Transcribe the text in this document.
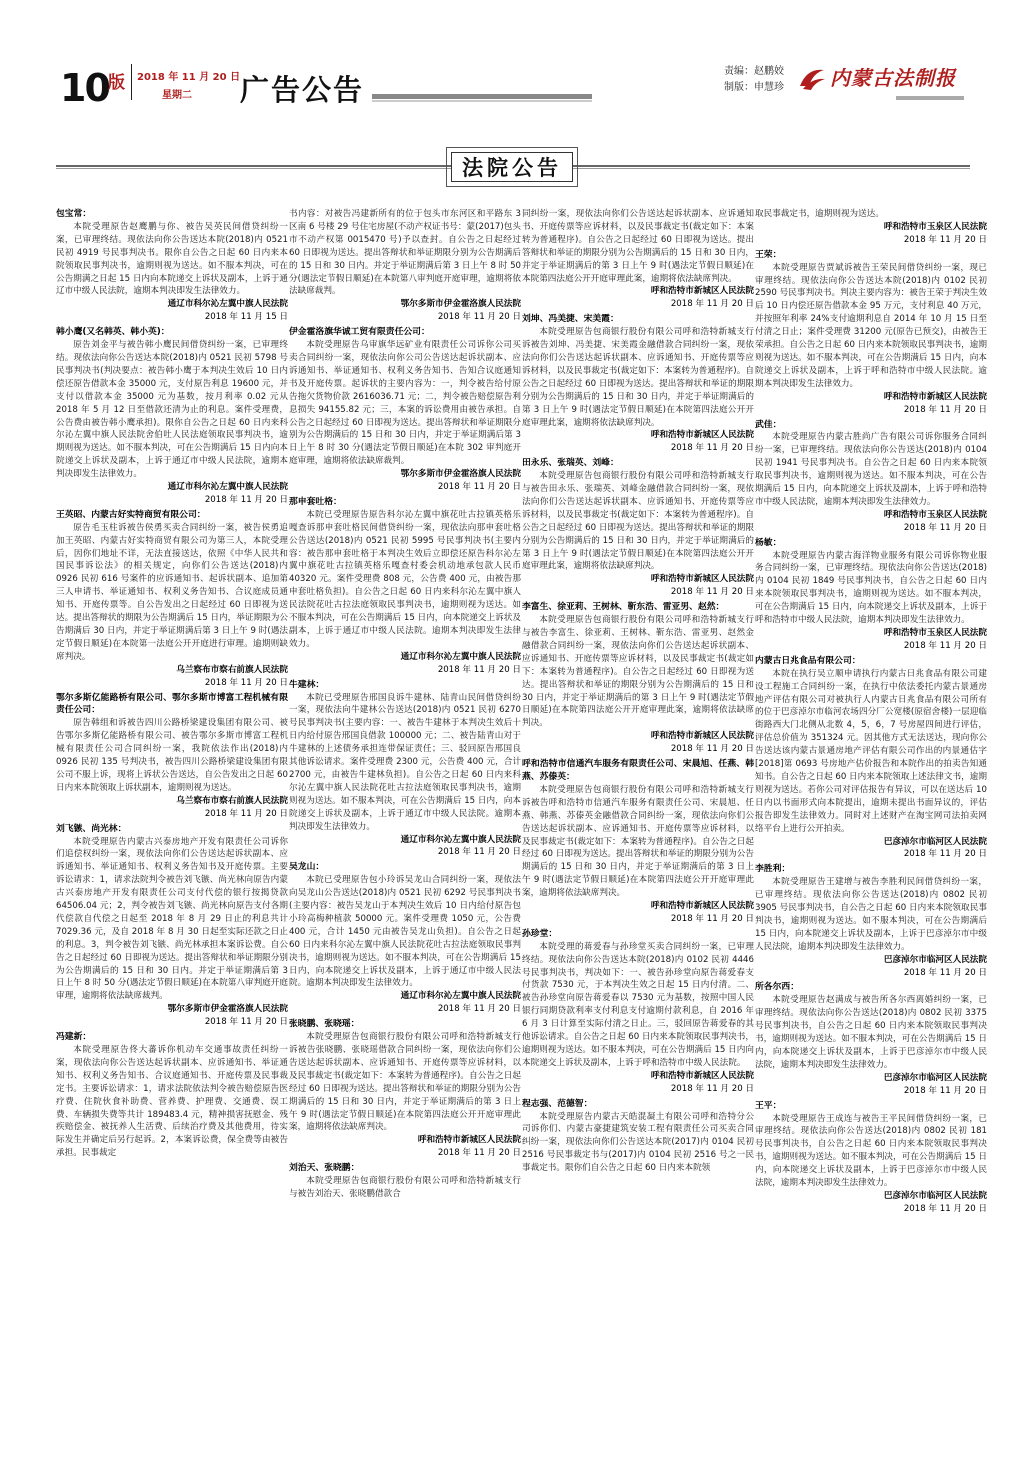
10 版 2018 年 11 月 20 日
星期二 广告公告
责编：赵鹏姣
制版：申慧珍 内蒙古法制报
法院公告
包宝常：
本院受理原告赵鹰鹏与你、被告吴英民间借贷纠纷一案，已审理终结。现依法向你公告送达本院(2018)内 0521 民初 4919 号民事判决书。限你自公告之日起 60 日内来本院领取民事判决书，逾期则视为送达。如不服本判决，可在公告期满之日起 15 日内向本院递交上诉状及副本，上诉于通辽市中级人民法院，逾期本判决即发生法律效力。
通辽市科尔沁左翼中旗人民法院
2018 年 11 月 15 日
韩小鹰(又名韩英、韩小英)：
原告刘金平与被告韩小鹰民间借贷纠纷一案，已审理终结。现依法向你公告送达本院(2018)内 0521 民初 5798 号民事判决书(判决要点：被告韩小鹰于本判决生效后 10 日内偿还原告借款本金 35000 元，支付原告利息 19600 元，并支付以借款本金 35000 元为基数，按月利率 0.02 元从 2018 年 5 月 12 日至借款还清为止的利息。案件受理费，公告费由被告韩小鹰承担)。限你自公告之日起 60 日内来科尔沁左翼中旗人民法院舍伯吐人民法庭领取民事判决书，逾期则视为送达。如不服本判决，可在公告期满后 15 日内向本院递交上诉状及副本，上诉于通辽市中级人民法院，逾期本判决即发生法律效力。
通辽市科尔沁左翼中旗人民法院
2018 年 11 月 20 日
王英昭、内蒙古好实特商贸有限公司：
原告毛玉柱诉被告侯勇买卖合同纠纷一案，被告侯勇追加王英昭、内蒙古好实特商贸有限公司为第三人，本院受理后，因你们地址不详，无法直接送达，依照《中华人民共和国民事诉讼法》的相关规定，向你们公告送达(2018)内 0926 民初 616 号案件的应诉通知书、起诉状副本、追加第三人申请书、举证通知书、权利义务告知书、合议庭成员通知书、开庭传票等。自公告发出之日起经过 60 日即视为送达。提出答辩状的期限为公告期满后 15 日内，举证期限为公告期满后 30 日内，并定于举证期满后第 3 日上午 9 时(遇法定节假日顺延)在本院第一法庭公开开庭进行审理。逾期则缺席判决。
乌兰察布市察右前旗人民法院
2018 年 11 月 20 日
鄂尔多斯亿能路桥有限公司、鄂尔多斯市博富工程机械有限责任公司：
原告韩组和诉被告四川公路桥梁建设集团有限公司、被告鄂尔多斯亿能路桥有限公司、被告鄂尔多斯市博富工程机械有限责任公司合同纠纷一案，我院依法作出(2018)内 0926 民初 135 号判决书，被告四川公路桥梁建设集团有限公司不服上诉，现将上诉状公告送达，自公告发出之日起 60 日内来本院领取上诉状副本，逾期则视为送达。
乌兰察布市察右前旗人民法院
2018 年 11 月 20 日
刘飞镞、尚光林：
本院受理原告内蒙古兴泰房地产开发有限责任公司诉你们追偿权纠纷一案，现依法向你们公告送达起诉状副本、应诉通知书、举证通知书、权利义务告知书及开庭传票。主要诉讼请求：1，请求法院判令被告刘飞镞、尚光林向原告内蒙古兴泰房地产开发有限责任公司支付代偿的银行按揭贷款 64506.04 元；2，判令被告刘飞镞、尚光林向原告支付各期代偿款自代偿之日起至 2018 年 8 月 29 日止的利息共计 7029.36 元，及自 2018 年 8 月 30 日起至实际还款之日止的利息。3，判令被告刘飞镞、尚光林承担本案诉讼费。自公告之日起经过 60 日即视为送达。提出答辩状和举证期限分别为公告期满后的 15 日和 30 日内。并定于举证期满后第 3 日上午 8 时 50 分(遇法定节假日顺延)在本院第八审判庭开庭审理，逾期将依法缺席裁判。
鄂尔多斯市伊金霍洛旗人民法院
2018 年 11 月 20 日
冯建新：
本院受理原告佟大蕃诉你机动车交通事故责任纠纷一案，现依法向你公告送达起诉状副本、应诉通知书、举证通知书、权利义务告知书、合议庭通知书、开庭传票及民事裁定书。主要诉讼请求：1，请求法院依法判令被告赔偿原告医疗费、住院伙食补助费、营养费、护理费、交通费、误工费、车辆损失费等共计 189483.4 元，精神损害抚慰金、残疾赔偿金、被抚养人生活费、后续治疗费及其他费用，待实际发生并确定后另行起诉。2，本案诉讼费，保全费等由被告承担。民事裁定
书内容：对被告冯建新所有的位于包头市东河区和平路东 3 区南 6 号楼 29 号住宅房屋(不动产权证书号：蒙(2017)包头市不动产权第 0015470 号)予以查封。自公告之日起经过 60 日即视为送达。提出答辩状和举证期限分别为公告期满后的 15 日和 30 日内。并定于举证期满后第 3 日上午 8 时 50 分(遇法定节假日顺延)在本院第八审判庭开庭审理，逾期将依法缺席裁判。
鄂尔多斯市伊金霍洛旗人民法院
2018 年 11 月 20 日
伊金霍洛旗华诚工贸有限责任公司：
本院受理原告乌审旗华远矿业有限责任公司诉你公司买卖合同纠纷一案，现依法向你公司公告送达起诉状副本、应诉通知书、举证通知书、权利义务告知书、告知合议庭通知书及开庭传票。起诉状的主要内容为：一，判令被告给付原告拖欠货物价款 2616036.71 元；二，判令被告赔偿原告利息损失 94155.82 元；三，本案的诉讼费用由被告承担。自公告之日起经过 60 日即视为送达。提出答辩状和举证期限分别为公告期满后的 15 日和 30 日内，并定于举证期满后第 3 日上午 8 时 30 分(遇法定节假日顺延)在本院 302 审判庭开庭审理，逾期将依法缺席裁判。
鄂尔多斯市伊金霍洛旗人民法院
2018 年 11 月 20 日
那申套吐格：
本院已受理原告原告科尔沁左翼中旗花吐古拉镇英格乐嘎查诉那申套吐格民间借贷纠纷一案，现依法向那申套吐格公告送达(2018)内 0521 民初 5995 号民事判决书(主要内容：被告那申套吐格于本判决生效后立即偿还原告科尔沁左翼中旗花吐古拉镇英格乐嘎查村委会机动地承包款人民币 40320 元。案件受理费 808 元，公告费 400 元，由被告那申套吐格负担)。自公告之日起 60 日内来科尔沁左翼中旗人民法院花吐古拉法庭领取民事判决书，逾期则视为送达。如不服本判决，可在公告期满后 15 日内，向本院递交上诉状及副本，上诉于通辽市中级人民法院。逾期本判决即发生法律效力。
通辽市科尔沁左翼中旗人民法院
2018 年 11 月 20 日
牛建林：
本院已受理原告邢国良诉牛建林、陆青山民间借贷纠纷一案，现依法向牛建林公告送达(2018)内 0521 民初 6270 号民事判决书(主要内容：一、被告牛建林于本判决生效后十日内给付原告邢国良借款 100000 元；二、被告陆青山对于牛建林的上述债务承担连带保证责任；三、驳回原告邢国良其他诉讼请求。案件受理费 2300 元，公告费 400 元，合计 2700 元，由被告牛建林负担)。自公告之日起 60 日内来科尔沁左翼中旗人民法院花吐古拉法庭领取民事判决书，逾期则视为送达。如不服本判决，可在公告期满后 15 日内，向本院递交上诉状及副本，上诉于通辽市中级人民法院。逾期本判决即发生法律效力。
通辽市科尔沁左翼中旗人民法院
2018 年 11 月 20 日
吴龙山：
本院已受理原告包小玲诉吴龙山合同纠纷一案，现依法向吴龙山公告送达(2018)内 0521 民初 6292 号民事判决书(主要内容：被告吴龙山于本判决生效后 10 日内给付原告包小玲高梅种植款 50000 元。案件受理费 1050 元，公告费 400 元，合计 1450 元由被告吴龙山负担)。自公告之日起 60 日内来科尔沁左翼中旗人民法院花吐古拉法庭领取民事判决书，逾期则视为送达。如不服本判决，可在公告期满后 15 日内，向本院递交上诉状及副本，上诉于通辽市中级人民法院。逾期本判决即发生法律效力。
通辽市科尔沁左翼中旗人民法院
2018 年 11 月 20 日
张晓鹏、张晓瑶：
本院受理原告包商银行股份有限公司呼和浩特新城支行诉被告张晓鹏、张晓瑶借款合同纠纷一案，现依法向你们公告送达起诉状副本、应诉通知书、开庭传票等应诉材料，以及民事裁定书(裁定如下：本案转为普通程序)。自公告之日起经过 60 日即视为送达。提出答辩状和举证的期限分别为公告期满后的 15 日和 30 日内，并定于举证期满后的第 3 日上午 9 时(遇法定节假日顺延)在本院第四法庭公开开庭审理此案，逾期将依法缺席判决。
呼和浩特市新城区人民法院
2018 年 11 月 20 日
刘治天、张晓鹏：
本院受理原告包商银行股份有限公司呼和浩特新城支行与被告刘治天、张晓鹏借款合
同纠纷一案，现依法向你们公告送达起诉状副本、应诉通知书、开庭传票等应诉材料，以及民事裁定书(裁定如下：本案转为普通程序)。自公告之日起经过 60 日即视为送达。提出答辩状和举证的期限分别为公告期满后的 15 日和 30 日内，并定于举证期满后的第 3 日上午 9 时(遇法定节假日顺延)在本院第四法庭公开开庭审理此案，逾期将依法缺席判决。
呼和浩特市新城区人民法院
2018 年 11 月 20 日
刘坤、冯美捷、宋美霞：
本院受理原告包商银行股份有限公司呼和浩特新城支行诉被告刘坤、冯美捷、宋美霞金融借款合同纠纷一案，现依法向你们公告送达起诉状副本、应诉通知书、开庭传票等应诉材料，以及民事裁定书(裁定如下：本案转为普通程序)。自公告之日起经过 60 日即视为送达。提出答辩状和举证的期限分别为公告期满后的 15 日和 30 日内，并定于举证期满后的第 3 日上午 9 时(遇法定节假日顺延)在本院第四法庭公开开庭审理此案，逾期将依法缺席判决。
呼和浩特市新城区人民法院
2018 年 11 月 20 日
田永乐、张瑞英、刘峰：
本院受理原告包商银行股份有限公司呼和浩特新城支行与被告田永乐、张瑞英、刘峰金融借款合同纠纷一案，现依法向你们公告送达起诉状副本、应诉通知书、开庭传票等应诉材料，以及民事裁定书(裁定如下：本案转为普通程序)。自公告之日起经过 60 日即视为送达。提出答辩状和举证的期限分别为公告期满后的 15 日和 30 日内，并定于举证期满后的第 3 日上午 9 时(遇法定节假日顺延)在本院第四法庭公开开庭审理此案，逾期将依法缺席判决。
呼和浩特市新城区人民法院
2018 年 11 月 20 日
李富生、徐亚莉、王树林、靳东浩、雷亚男、赵然：
本院受理原告包商银行股份有限公司呼和浩特新城支行与被告李富生、徐亚莉、王树林、靳东浩、雷亚男、赵然金融借款合同纠纷一案，现依法向你们公告送达起诉状副本、应诉通知书、开庭传票等应诉材料，以及民事裁定书(裁定如下：本案转为普通程序)。自公告之日起经过 60 日即视为送达。提出答辩状和举证的期限分别为公告期满后的 15 日和 30 日内，并定于举证期满后的第 3 日上午 9 时(遇法定节假日顺延)在本院第四法庭公开开庭审理此案，逾期将依法缺席判决。
呼和浩特市新城区人民法院
2018 年 11 月 20 日
呼和浩特市信通汽车服务有限责任公司、宋晨旭、任燕、韩燕、苏傣英：
本院受理原告包商银行股份有限公司呼和浩特新城支行诉被告呼和浩特市信通汽车服务有限责任公司、宋晨旭、任燕、韩燕、苏傣英金融借款合同纠纷一案，现依法向你们公告送达起诉状副本、应诉通知书、开庭传票等应诉材料，以及民事裁定书(裁定如下：本案转为普通程序)。自公告之日起经过 60 日即视为送达。提出答辩状和举证的期限分别为公告期满后的 15 日和 30 日内，并定于举证期满后的第 3 日上午 9 时(遇法定节假日顺延)在本院第四法庭公开开庭审理此案，逾期将依法缺席判决。
呼和浩特市新城区人民法院
2018 年 11 月 20 日
孙珍堂：
本院受理的蒋爱春与孙珍堂买卖合同纠纷一案，已审理终结。现依法向你公告送达本院(2018)内 0102 民初 4446 号民事判决书，判决如下：一、被告孙珍堂向原告蒋爱春支付货款 7530 元，于本判决生效之日起 15 日内付清。二、被告孙珍堂向原告蒋爱春以 7530 元为基数，按照中国人民银行同期贷款利率支付利息支付逾期付款利息，自 2016 年 6 月 3 日计算至实际付清之日止。三，驳回原告蒋爱春的其他诉讼请求。自公告之日起 60 日内来本院领取民事判决书，逾期则视为送达。如不服本判决，可在公告期满后 15 日内向本院递交上诉状及副本，上诉于呼和浩特市中级人民法院。
呼和浩特市新城区人民法院
2018 年 11 月 20 日
程志强、范德智：
本院受理原告内蒙古天皓混凝土有限公司呼和浩特分公司诉你们、内蒙古豪捷建筑安装工程有限责任公司买卖合同纠纷一案，现依法向你们公告送达本院(2017)内 0104 民初 2516 号民事裁定书与(2017)内 0104 民初 2516 号之一民事裁定书。限你们自公告之日起 60 日内来本院领
取民事裁定书，逾期则视为送达。
呼和浩特市玉泉区人民法院
2018 年 11 月 20 日
王荣：
本院受理原告贾斌诉被告王荣民间借贷纠纷一案，现已审理终结。现依法向你公告送达本院(2018)内 0102 民初 2590 号民事判决书。判决主要内容为：被告王荣于判决生效后 10 日内偿还原告借款本金 95 万元，支付利息 40 万元，并按照年利率 24%支付逾期利息自 2014 年 10 月 15 日至付清之日止；案件受理费 31200 元(原告已预交)，由被告王荣承担。自公告之日起 60 日内来本院领取民事判决书，逾期则视为送达。如不服本判决，可在公告期满后 15 日内，向本院递交上诉状及副本，上诉于呼和浩特市中级人民法院。逾期本判决即发生法律效力。
呼和浩特市新城区人民法院
2018 年 11 月 20 日
武佳：
本院受理原告内蒙古胜尚广告有限公司诉你服务合同纠纷一案，已审理终结。现依法向你公告送达(2018)内 0104 民初 1941 号民事判决书。自公告之日起 60 日内来本院领取民事判决书，逾期则视为送达。如不服本判决，可在公告期满后 15 日内，向本院递交上诉状及副本，上诉于呼和浩特市中级人民法院，逾期本判决即发生法律效力。
呼和浩特市玉泉区人民法院
2018 年 11 月 20 日
杨敏：
本院受理原告内蒙古海洋物业服务有限公司诉你物业服务合同纠纷一案，已审理终结。现依法向你公告送达(2018)内 0104 民初 1849 号民事判决书，自公告之日起 60 日内来本院领取民事判决书，逾期则视为送达。如不服本判决，可在公告期满后 15 日内，向本院递交上诉状及副本，上诉于呼和浩特市中级人民法院，逾期本判决即发生法律效力。
呼和浩特市玉泉区人民法院
2018 年 11 月 20 日
内蒙古日兆食品有限公司：
本院在执行吴立顺申请执行内蒙古日兆食品有限公司建设工程施工合同纠纷一案，在执行中依法委托内蒙古景通房地产评估有限公司对被执行人内蒙古日兆食品有限公司所有的位于巴彦淖尔市临河农场四分厂公宽楼(原宿舍楼)一层迎临街路西大门北侧从北数 4，5，6，7 号房屋四间进行评估，评估总价值为 351324 元。因其他方式无法送达，现向你公告送达该内蒙古景通房地产评估有限公司作出的内景通估字[2018]第 0693 号房地产估价报告和本院作出的拍卖告知通知书。自公告之日起 60 日内来本院领取上述法律文书，逾期则视为送达。若你公司对评估报告有异议，可以在送达后 10 日内以书面形式向本院提出，逾期未提出书面异议的，评估报告即发生法律效力。同时对上述财产在淘宝网司法拍卖网络平台上进行公开拍卖。
巴彦淖尔市临河区人民法院
2018 年 11 月 20 日
李胜利：
本院受理原告王建增与被告李胜利民间借贷纠纷一案，已审理终结。现依法向你公告送达(2018)内 0802 民初 3905 号民事判决书，自公告之日起 60 日内来本院领取民事判决书，逾期则视为送达。如不服本判决，可在公告期满后 15 日内，向本院递交上诉状及副本，上诉于巴彦淖尔市中级人民法院，逾期本判决即发生法律效力。
巴彦淖尔市临河区人民法院
2018 年 11 月 20 日
所各尔西：
本院受理原告赵满成与被告所各尔西离婚纠纷一案，已审理终结。现依法向你公告送达(2018)内 0802 民初 3375 号民事判决书，自公告之日起 60 日内来本院领取民事判决书，逾期则视为送达。如不服本判决，可在公告期满后 15 日内，向本院递交上诉状及副本，上诉于巴彦淖尔市中级人民法院，逾期本判决即发生法律效力。
巴彦淖尔市临河区人民法院
2018 年 11 月 20 日
王平：
本院受理原告王成连与被告王平民间借贷纠纷一案，已审理终结。现依法向你公告送达(2018)内 0802 民初 181 号民事判决书，自公告之日起 60 日内来本院领取民事判决书，逾期则视为送达。如不服本判决，可在公告期满后 15 日内，向本院递交上诉状及副本，上诉于巴彦淖尔市中级人民法院，逾期本判决即发生法律效力。
巴彦淖尔市临河区人民法院
2018 年 11 月 20 日
